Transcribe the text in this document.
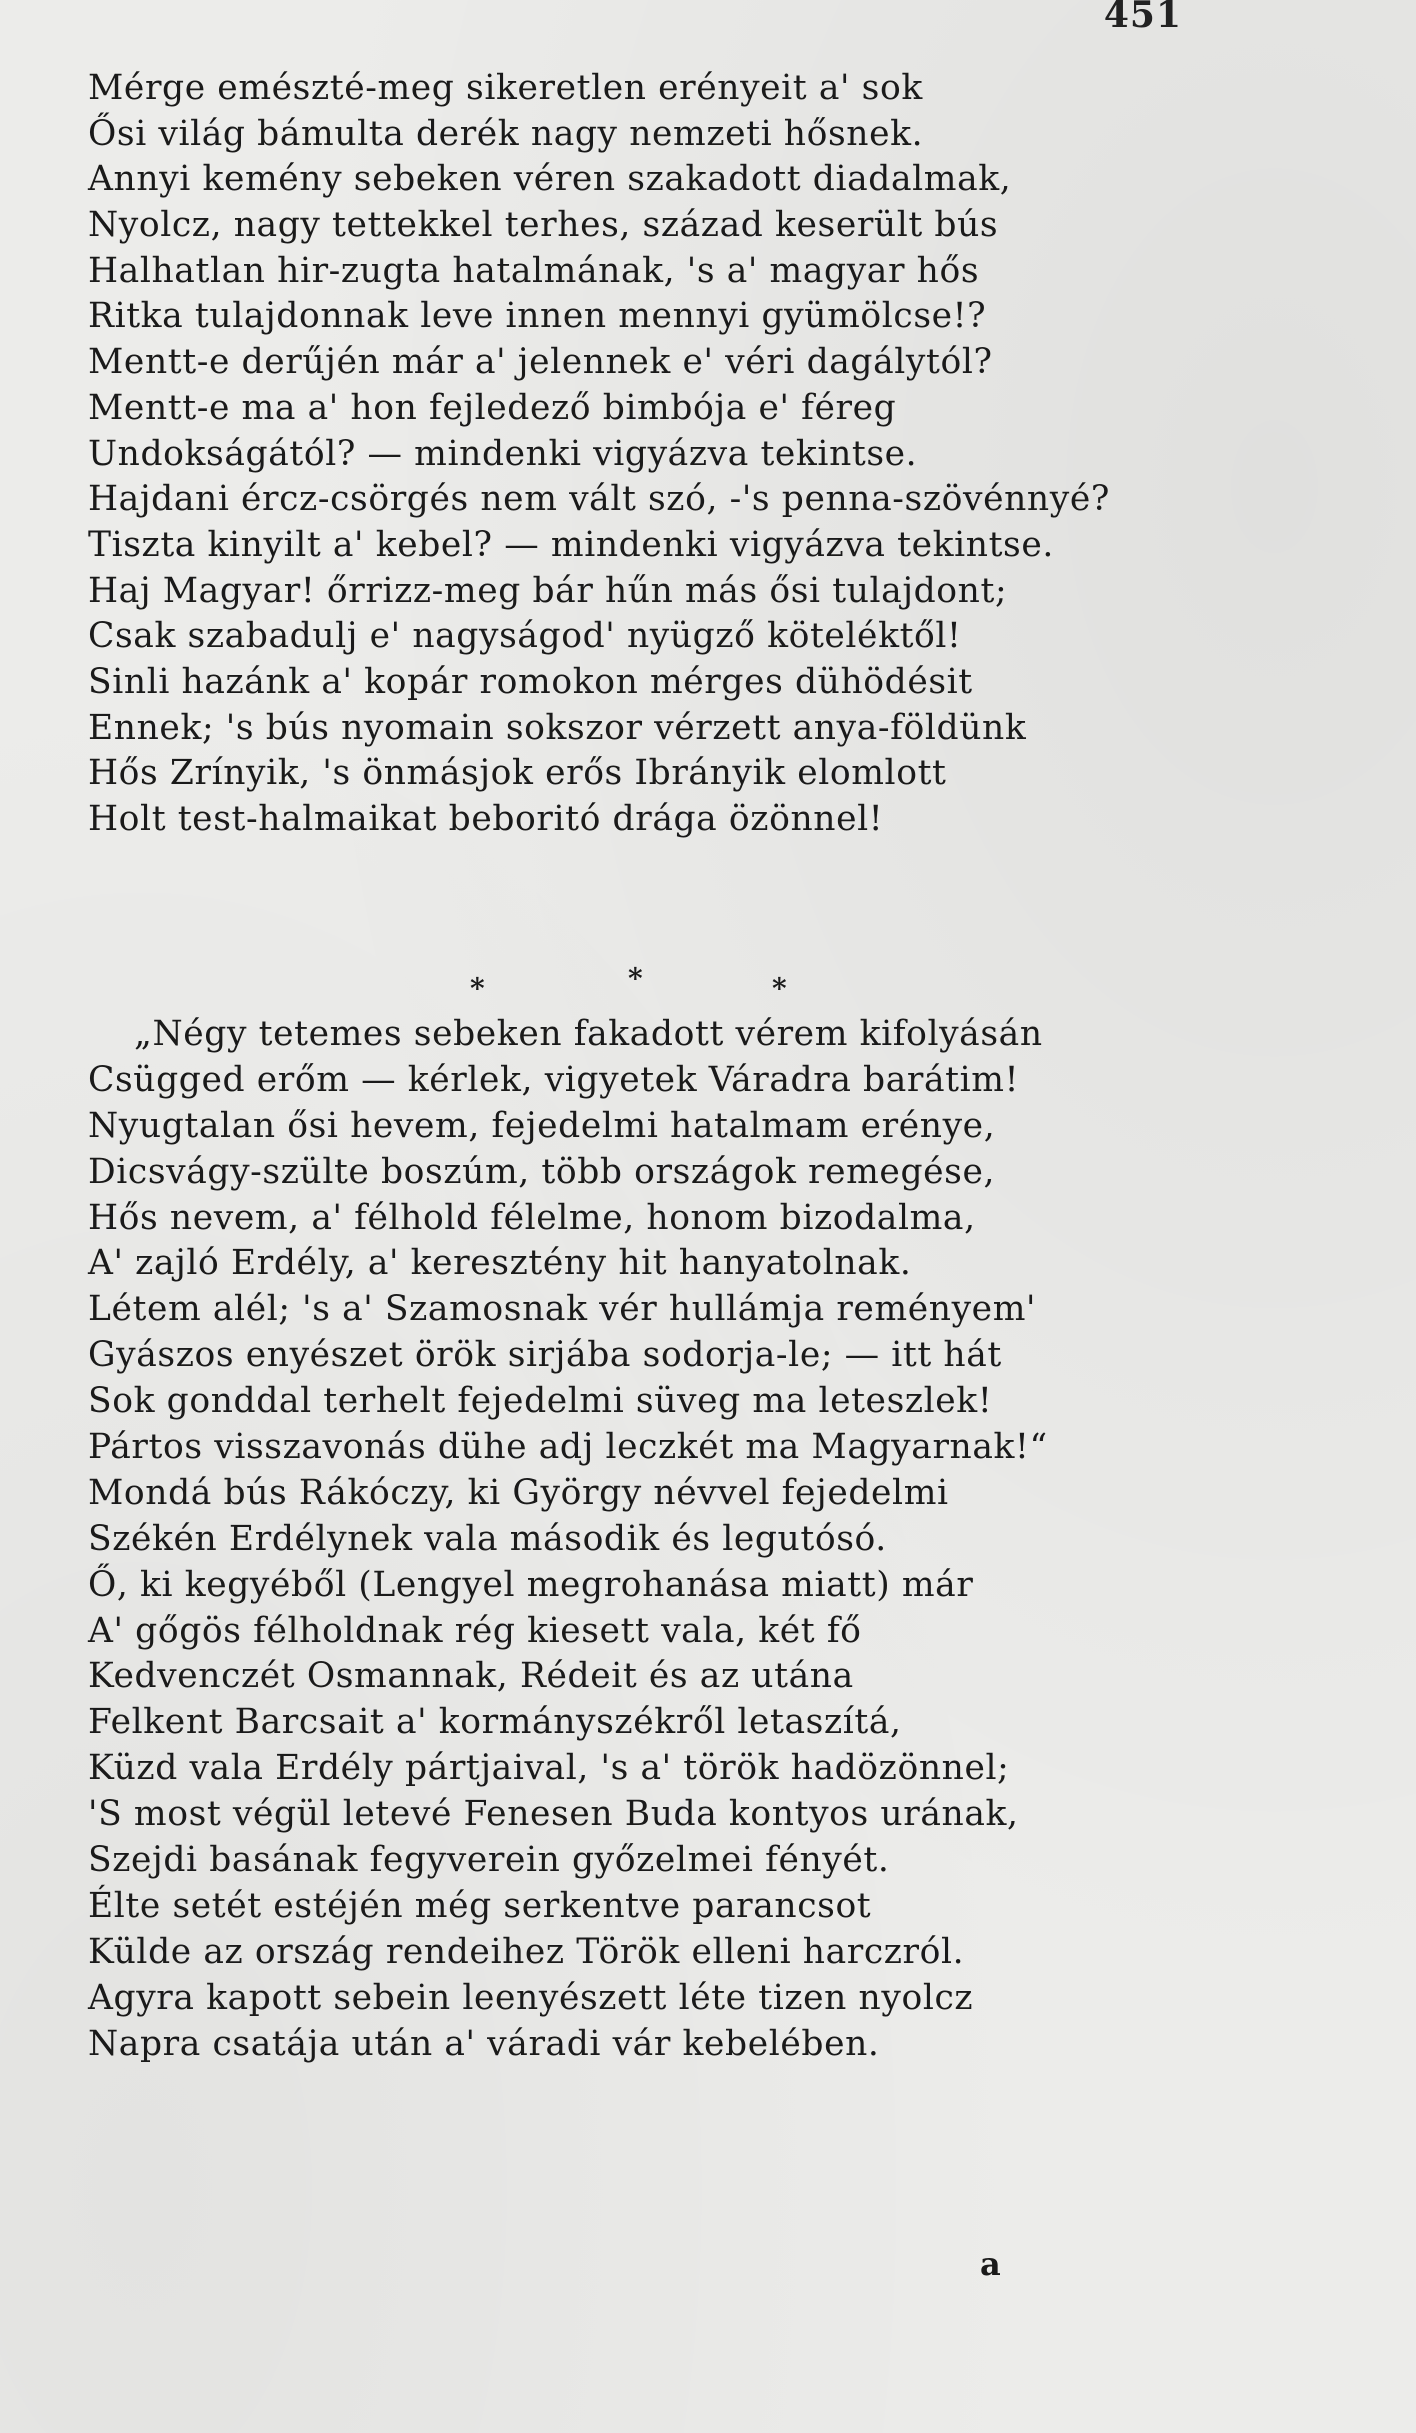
451
Mérge emészté-meg sikeretlen erényeit a' sok
Ősi világ bámulta derék nagy nemzeti hősnek.
Annyi kemény sebeken véren szakadott diadalmak,
Nyolcz, nagy tettekkel terhes, század keserült bús
Halhatlan hir-zugta hatalmának, 's a' magyar hős
Ritka tulajdonnak leve innen mennyi gyümölcse!?
Mentt-e derűjén már a' jelennek e' véri dagálytól?
Mentt-e ma a' hon fejledező bimbója e' féreg
Undokságától? — mindenki vigyázva tekintse.
Hajdani ércz-csörgés nem vált szó, -'s penna-szövénnyé?
Tiszta kinyilt a' kebel? — mindenki vigyázva tekintse.
Haj Magyar! őrrizz-meg bár hűn más ősi tulajdont;
Csak szabadulj e' nagyságod' nyügző köteléktől!
Sinli hazánk a' kopár romokon mérges dühödésit
Ennek; 's bús nyomain sokszor vérzett anya-földünk
Hős Zrínyik, 's önmásjok erős Ibrányik elomlott
Holt test-halmaikat beboritó drága özönnel!
*	*	*
„Négy tetemes sebeken fakadott vérem kifolyásán
Csügged erőm — kérlek, vigyetek Váradra barátim!
Nyugtalan ősi hevem, fejedelmi hatalmam erénye,
Dicsvágy-szülte boszúm, több országok remegése,
Hős nevem, a' félhold félelme, honom bizodalma,
A' zajló Erdély, a' keresztény hit hanyatolnak.
Létem alél; 's a' Szamosnak vér hullámja reményem'
Gyászos enyészet örök sirjába sodorja-le; — itt hát
Sok gonddal terhelt fejedelmi süveg ma leteszlek!
Pártos visszavonás dühe adj leczkét ma Magyarnak!“
Mondá bús Rákóczy, ki György névvel fejedelmi
Székén Erdélynek vala második és legutósó.
Ő, ki kegyéből (Lengyel megrohanása miatt) már
A' gőgös félholdnak rég kiesett vala, két fő
Kedvenczét Osmannak, Rédeit és az utána
Felkent Barcsait a' kormányszékről letaszítá,
Küzd vala Erdély pártjaival, 's a' török hadözönnel;
'S most végül letevé Fenesen Buda kontyos urának,
Szejdi basának fegyverein győzelmei fényét.
Élte setét estéjén még serkentve parancsot
Külde az ország rendeihez Török elleni harczról.
Agyra kapott sebein leenyészett léte tizen nyolcz
Napra csatája után a' váradi vár kebelében.
a
